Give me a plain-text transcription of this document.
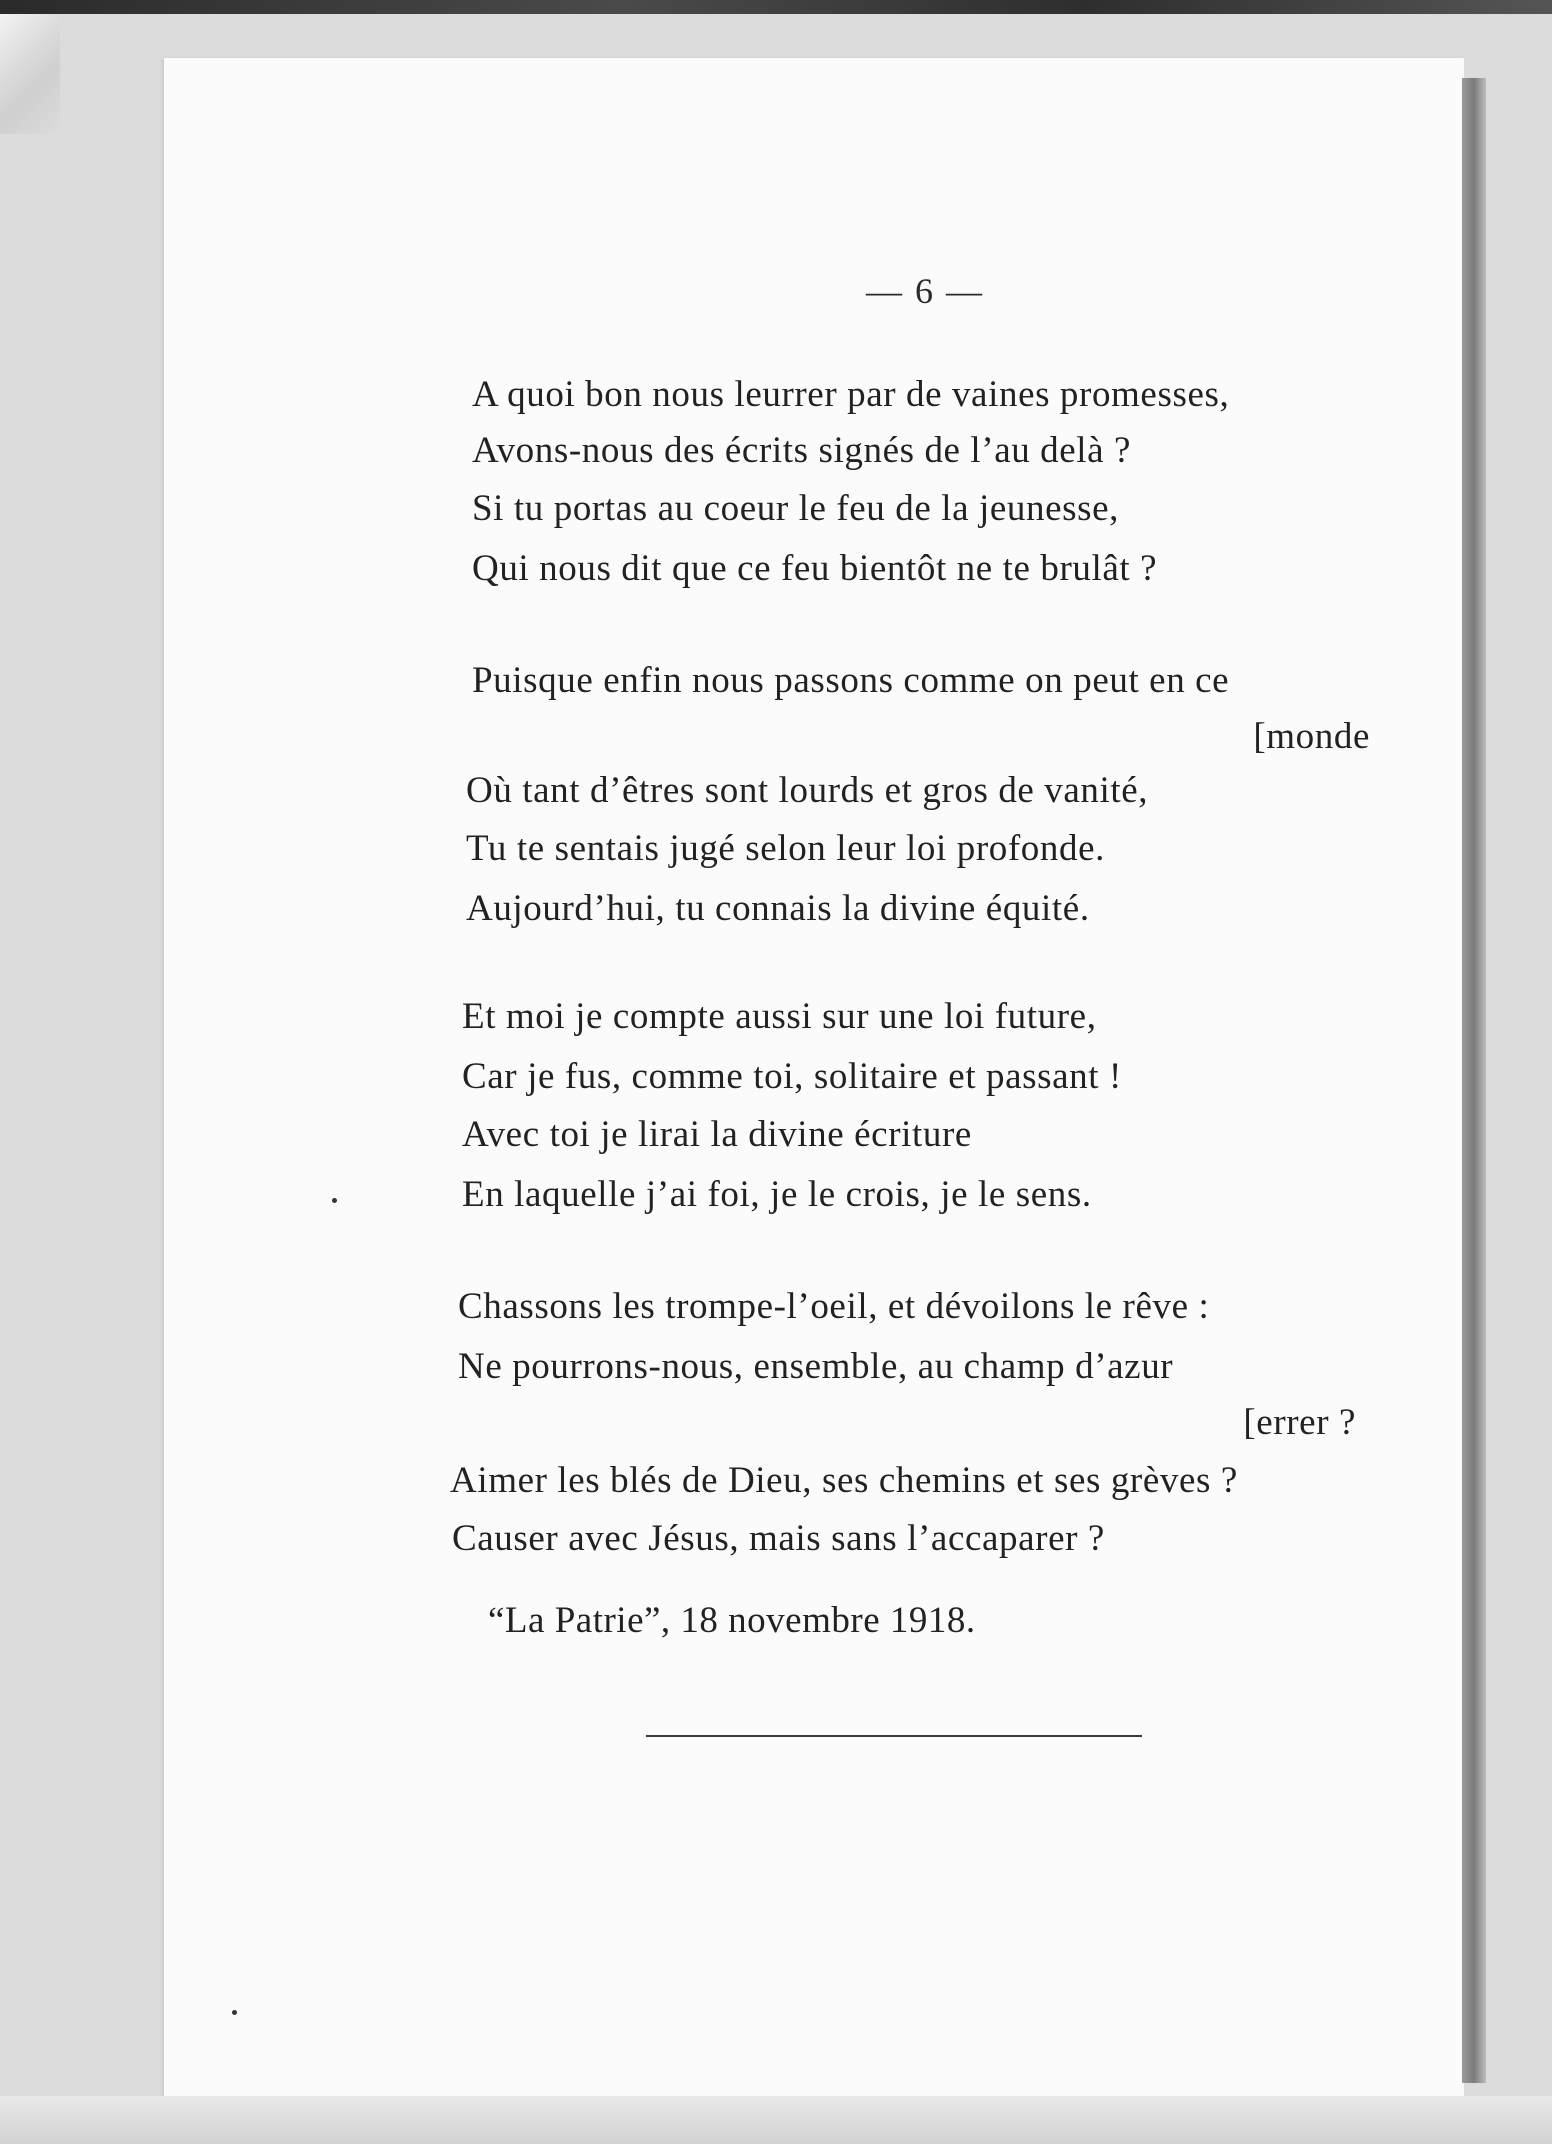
— 6 —
A quoi bon nous leurrer par de vaines promesses,
Avons-nous des écrits signés de l’au delà ?
Si tu portas au coeur le feu de la jeunesse,
Qui nous dit que ce feu bientôt ne te brulât ?
Puisque enfin nous passons comme on peut en ce
[monde
Où tant d’êtres sont lourds et gros de vanité,
Tu te sentais jugé selon leur loi profonde.
Aujourd’hui, tu connais la divine équité.
Et moi je compte aussi sur une loi future,
Car je fus, comme toi, solitaire et passant !
Avec toi je lirai la divine écriture
En laquelle j’ai foi, je le crois, je le sens.
Chassons les trompe-l’oeil, et dévoilons le rêve :
Ne pourrons-nous, ensemble, au champ d’azur
[errer ?
Aimer les blés de Dieu, ses chemins et ses grèves ?
Causer avec Jésus, mais sans l’accaparer ?
“La Patrie”, 18 novembre 1918.
